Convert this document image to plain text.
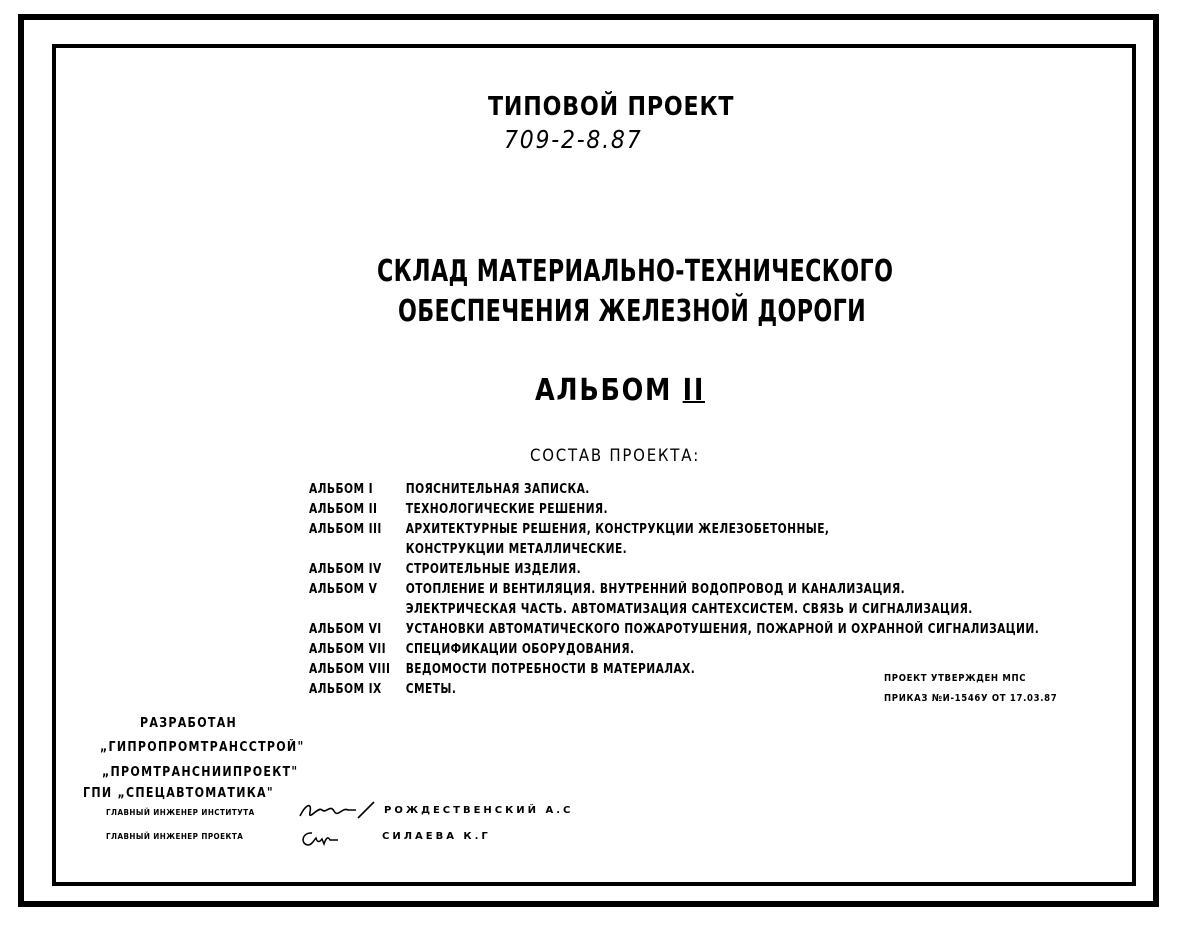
ТИПОВОЙ ПРОЕКТ
709-2-8.87
СКЛАД МАТЕРИАЛЬНО-ТЕХНИЧЕСКОГО
ОБЕСПЕЧЕНИЯ ЖЕЛЕЗНОЙ ДОРОГИ
АЛЬБОМ II
СОСТАВ ПРОЕКТА:
АЛЬБОМ I	ПОЯСНИТЕЛЬНАЯ ЗАПИСКА.
АЛЬБОМ II ТЕХНОЛОГИЧЕСКИЕ РЕШЕНИЯ.
АЛЬБОМ III АРХИТЕКТУРНЫЕ РЕШЕНИЯ, КОНСТРУКЦИИ ЖЕЛЕЗОБЕТОННЫЕ,
КОНСТРУКЦИИ МЕТАЛЛИЧЕСКИЕ.
АЛЬБОМ IV СТРОИТЕЛЬНЫЕ ИЗДЕЛИЯ.
АЛЬБОМ V ОТОПЛЕНИЕ И ВЕНТИЛЯЦИЯ. ВНУТРЕННИЙ ВОДОПРОВОД И КАНАЛИЗАЦИЯ.
ЭЛЕКТРИЧЕСКАЯ ЧАСТЬ. АВТОМАТИЗАЦИЯ САНТЕХСИСТЕМ. СВЯЗЬ И СИГНАЛИЗАЦИЯ.
АЛЬБОМ VI УСТАНОВКИ АВТОМАТИЧЕСКОГО ПОЖАРОТУШЕНИЯ, ПОЖАРНОЙ И ОХРАННОЙ СИГНАЛИЗАЦИИ.
АЛЬБОМ VII СПЕЦИФИКАЦИИ ОБОРУДОВАНИЯ.
АЛЬБОМ VIII ВЕДОМОСТИ ПОТРЕБНОСТИ В МАТЕРИАЛАХ.
АЛЬБОМ IX СМЕТЫ.
ПРОЕКТ УТВЕРЖДЕН МПС
ПРИКАЗ №И-1546У ОТ 17.03.87
РАЗРАБОТАН
„ГИПРОПРОМТРАНССТРОЙ"
„ПРОМТРАНСНИИПРОЕКТ"
ГПИ „СПЕЦАВТОМАТИКА"
ГЛАВНЫЙ ИНЖЕНЕР ИНСТИТУТА
ГЛАВНЫЙ ИНЖЕНЕР ПРОЕКТА
РОЖДЕСТВЕНСКИЙ А.С
СИЛАЕВА К.Г
